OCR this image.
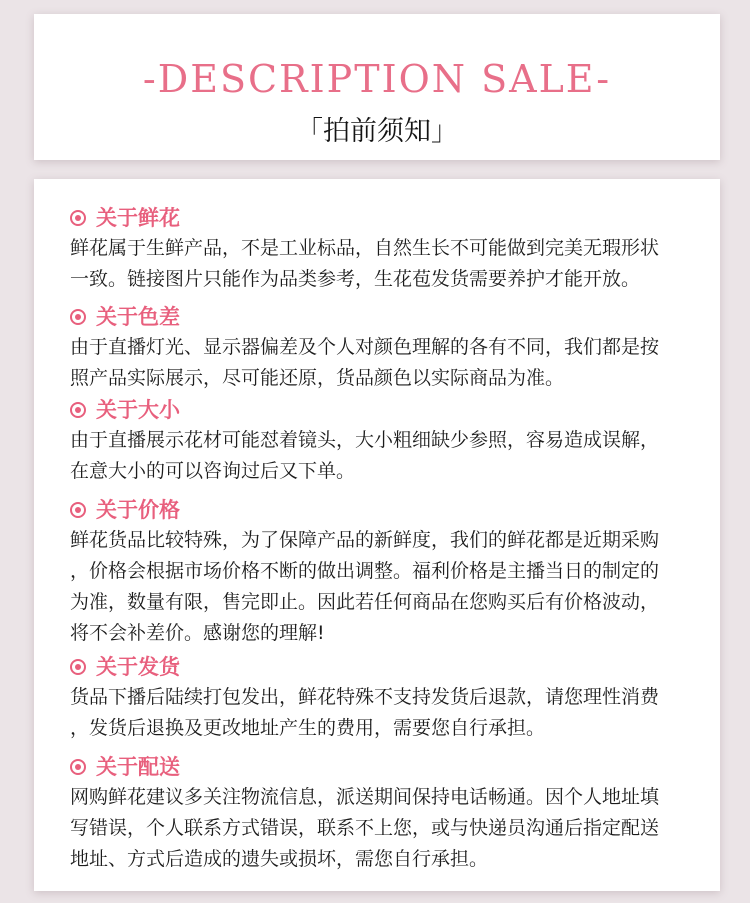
-DESCRIPTION SALE-
「拍前须知」
关于鲜花
鲜花属于生鲜产品，不是工业标品，自然生长不可能做到完美无瑕形状
一致。链接图片只能作为品类参考，生花苞发货需要养护才能开放。
关于色差
由于直播灯光、显示器偏差及个人对颜色理解的各有不同，我们都是按
照产品实际展示，尽可能还原，货品颜色以实际商品为准。
关于大小
由于直播展示花材可能怼着镜头，大小粗细缺少参照，容易造成误解，
在意大小的可以咨询过后又下单。
关于价格
鲜花货品比较特殊，为了保障产品的新鲜度，我们的鲜花都是近期采购
，价格会根据市场价格不断的做出调整。福利价格是主播当日的制定的
为准，数量有限，售完即止。因此若任何商品在您购买后有价格波动，
将不会补差价。感谢您的理解!
关于发货
货品下播后陆续打包发出，鲜花特殊不支持发货后退款，请您理性消费
，发货后退换及更改地址产生的费用，需要您自行承担。
关于配送
网购鲜花建议多关注物流信息，派送期间保持电话畅通。因个人地址填
写错误，个人联系方式错误，联系不上您，或与快递员沟通后指定配送
地址、方式后造成的遗失或损坏，需您自行承担。
